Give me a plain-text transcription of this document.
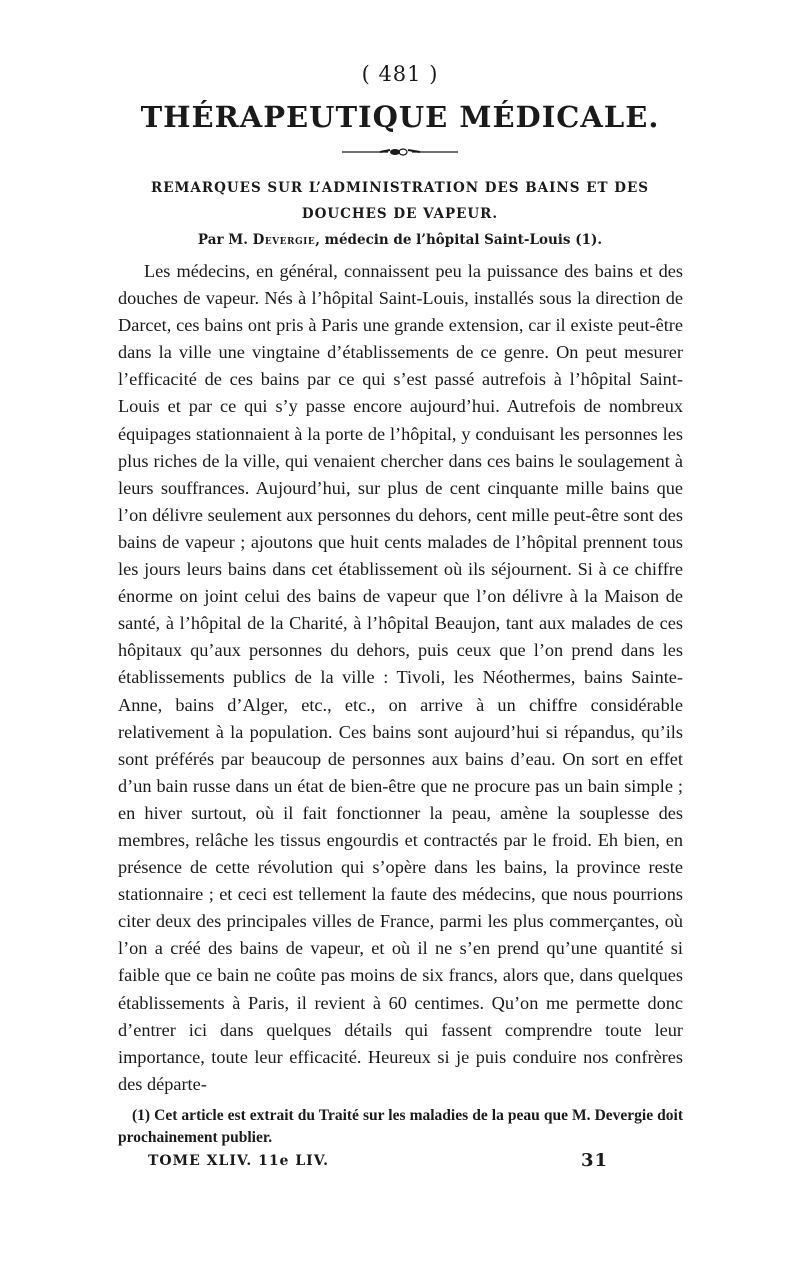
( 481 )
THÉRAPEUTIQUE MÉDICALE.
REMARQUES SUR L’ADMINISTRATION DES BAINS ET DES DOUCHES DE VAPEUR.
Par M. Devergie, médecin de l’hôpital Saint-Louis (1).

Les médecins, en général, connaissent peu la puissance des bains et des douches de vapeur. Nés à l’hôpital Saint-Louis, installés sous la direction de Darcet, ces bains ont pris à Paris une grande extension, car il existe peut-être dans la ville une vingtaine d’établissements de ce genre. On peut mesurer l’efficacité de ces bains par ce qui s’est passé autrefois à l’hôpital Saint-Louis et par ce qui s’y passe encore aujourd’hui. Autrefois de nombreux équipages stationnaient à la porte de l’hôpital, y conduisant les personnes les plus riches de la ville, qui venaient chercher dans ces bains le soulagement à leurs souffrances. Aujourd’hui, sur plus de cent cinquante mille bains que l’on délivre seulement aux personnes du dehors, cent mille peut-être sont des bains de vapeur ; ajoutons que huit cents malades de l’hôpital prennent tous les jours leurs bains dans cet établissement où ils séjournent. Si à ce chiffre énorme on joint celui des bains de vapeur que l’on délivre à la Maison de santé, à l’hôpital de la Charité, à l’hôpital Beaujon, tant aux malades de ces hôpitaux qu’aux personnes du dehors, puis ceux que l’on prend dans les établissements publics de la ville : Tivoli, les Néothermes, bains Sainte-Anne, bains d’Alger, etc., etc., on arrive à un chiffre considérable relativement à la population. Ces bains sont aujourd’hui si répandus, qu’ils sont préférés par beaucoup de personnes aux bains d’eau. On sort en effet d’un bain russe dans un état de bien-être que ne procure pas un bain simple ; en hiver surtout, où il fait fonctionner la peau, amène la souplesse des membres, relâche les tissus engourdis et contractés par le froid. Eh bien, en présence de cette révolution qui s’opère dans les bains, la province reste stationnaire ; et ceci est tellement la faute des médecins, que nous pourrions citer deux des principales villes de France, parmi les plus commerçantes, où l’on a créé des bains de vapeur, et où il ne s’en prend qu’une quantité si faible que ce bain ne coûte pas moins de six francs, alors que, dans quelques établissements à Paris, il revient à 60 centimes. Qu’on me permette donc d’entrer ici dans quelques détails qui fassent comprendre toute leur importance, toute leur efficacité. Heureux si je puis conduire nos confrères des départe-

(1) Cet article est extrait du Traité sur les maladies de la peau que M. Devergie doit prochainement publier.

TOME XLIV. 11e LIV.	31
